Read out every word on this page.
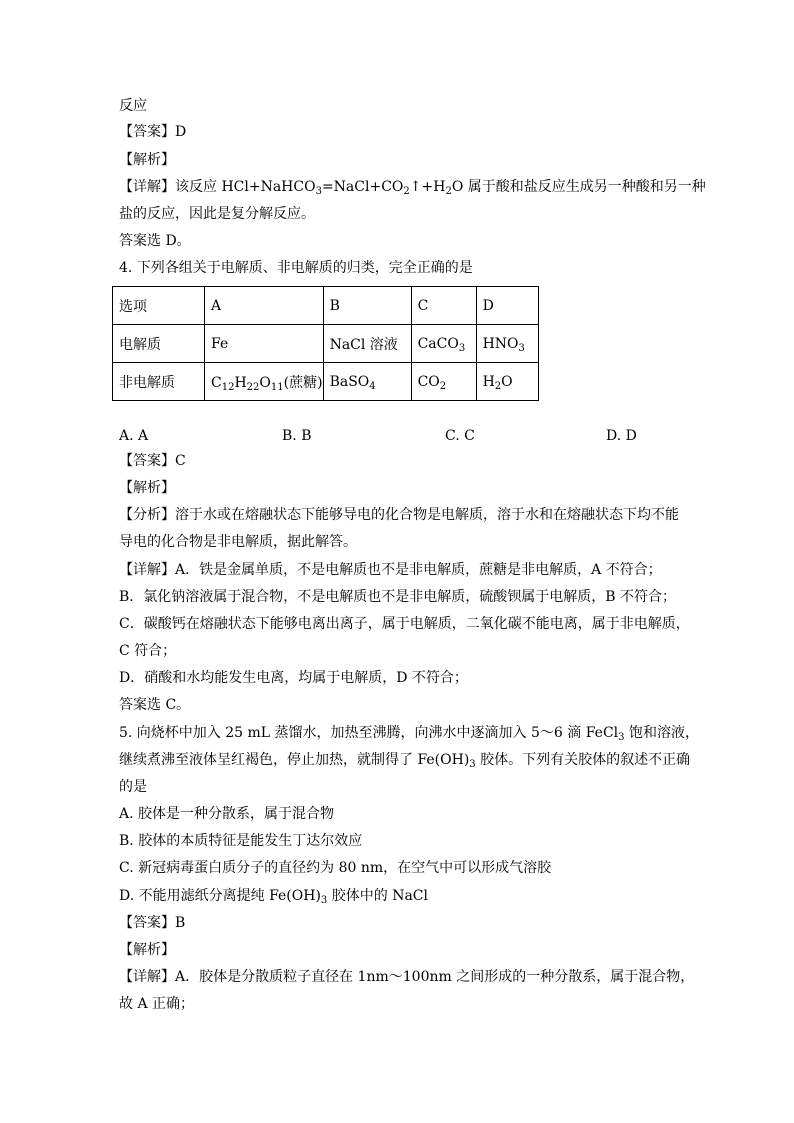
反应
【答案】D
【解析】
【详解】该反应 $HCl+NaHCO_3=NaCl+CO_2↑+H_2O$ 属于酸和盐反应生成另一种酸和另一种
盐的反应，因此是复分解反应。
答案选 D。
4. 下列各组关于电解质、非电解质的归类，完全正确的是
选项	A	B	C	D
电解质	Fe	NaCl 溶液	CaCO$_3$	$HNO_3$
非电解质	$C_{12}H_{22}O_{11}$(蔗糖)	BaSO$_4$	$CO_2$	$H_2O$
A. A	B. B	C. C	D. D
【答案】C
【解析】
【分析】溶于水或在熔融状态下能够导电的化合物是电解质，溶于水和在熔融状态下均不能
导电的化合物是非电解质，据此解答。
【详解】A．铁是金属单质，不是电解质也不是非电解质，蔗糖是非电解质，A 不符合；
B．氯化钠溶液属于混合物，不是电解质也不是非电解质，硫酸钡属于电解质，B 不符合；
C．碳酸钙在熔融状态下能够电离出离子，属于电解质，二氧化碳不能电离，属于非电解质，
C 符合；
D．硝酸和水均能发生电离，均属于电解质，D 不符合；
答案选 C。
5. 向烧杯中加入 25 mL 蒸馏水，加热至沸腾，向沸水中逐滴加入 5～6 滴 FeCl$_3$ 饱和溶液，
继续煮沸至液体呈红褐色，停止加热，就制得了 $Fe(OH)_3$ 胶体。下列有关胶体的叙述不正确
的是
A. 胶体是一种分散系，属于混合物
B. 胶体的本质特征是能发生丁达尔效应
C. 新冠病毒蛋白质分子的直径约为 80 nm，在空气中可以形成气溶胶
D. 不能用滤纸分离提纯 $Fe(OH)_3$ 胶体中的 NaCl
【答案】B
【解析】
【详解】A．胶体是分散质粒子直径在 1nm～100nm 之间形成的一种分散系，属于混合物，
故 A 正确；
